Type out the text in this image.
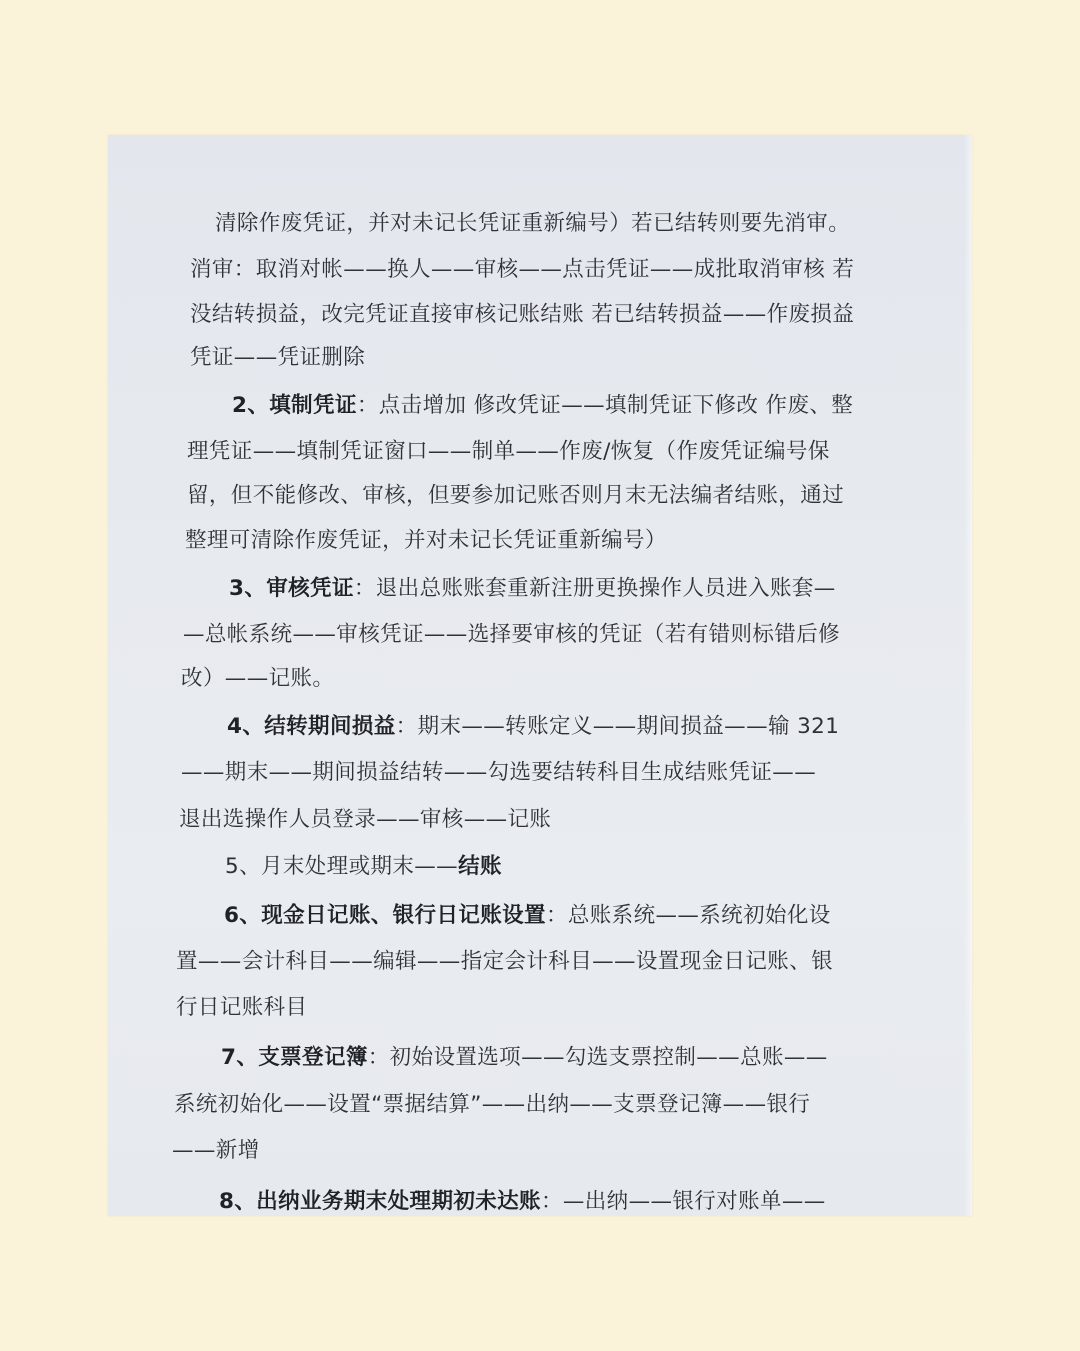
清除作废凭证，并对未记长凭证重新编号）若已结转则要先消审。
消审：取消对帐——换人——审核——点击凭证——成批取消审核 若
没结转损益，改完凭证直接审核记账结账 若已结转损益——作废损益
凭证——凭证删除
2、填制凭证：点击增加 修改凭证——填制凭证下修改 作废、整
理凭证——填制凭证窗口——制单——作废/恢复（作废凭证编号保
留，但不能修改、审核，但要参加记账否则月末无法编者结账，通过
整理可清除作废凭证，并对未记长凭证重新编号）
3、审核凭证：退出总账账套重新注册更换操作人员进入账套—
—总帐系统——审核凭证——选择要审核的凭证（若有错则标错后修
改）——记账。
4、结转期间损益：期末——转账定义——期间损益——输 321
——期末——期间损益结转——勾选要结转科目生成结账凭证——
退出选操作人员登录——审核——记账
5、月末处理或期末——结账
6、现金日记账、银行日记账设置：总账系统——系统初始化设
置——会计科目——编辑——指定会计科目——设置现金日记账、银
行日记账科目
7、支票登记簿：初始设置选项——勾选支票控制——总账——
系统初始化——设置“票据结算”——出纳——支票登记簿——银行
——新增
8、出纳业务期末处理期初未达账：—出纳——银行对账单——
